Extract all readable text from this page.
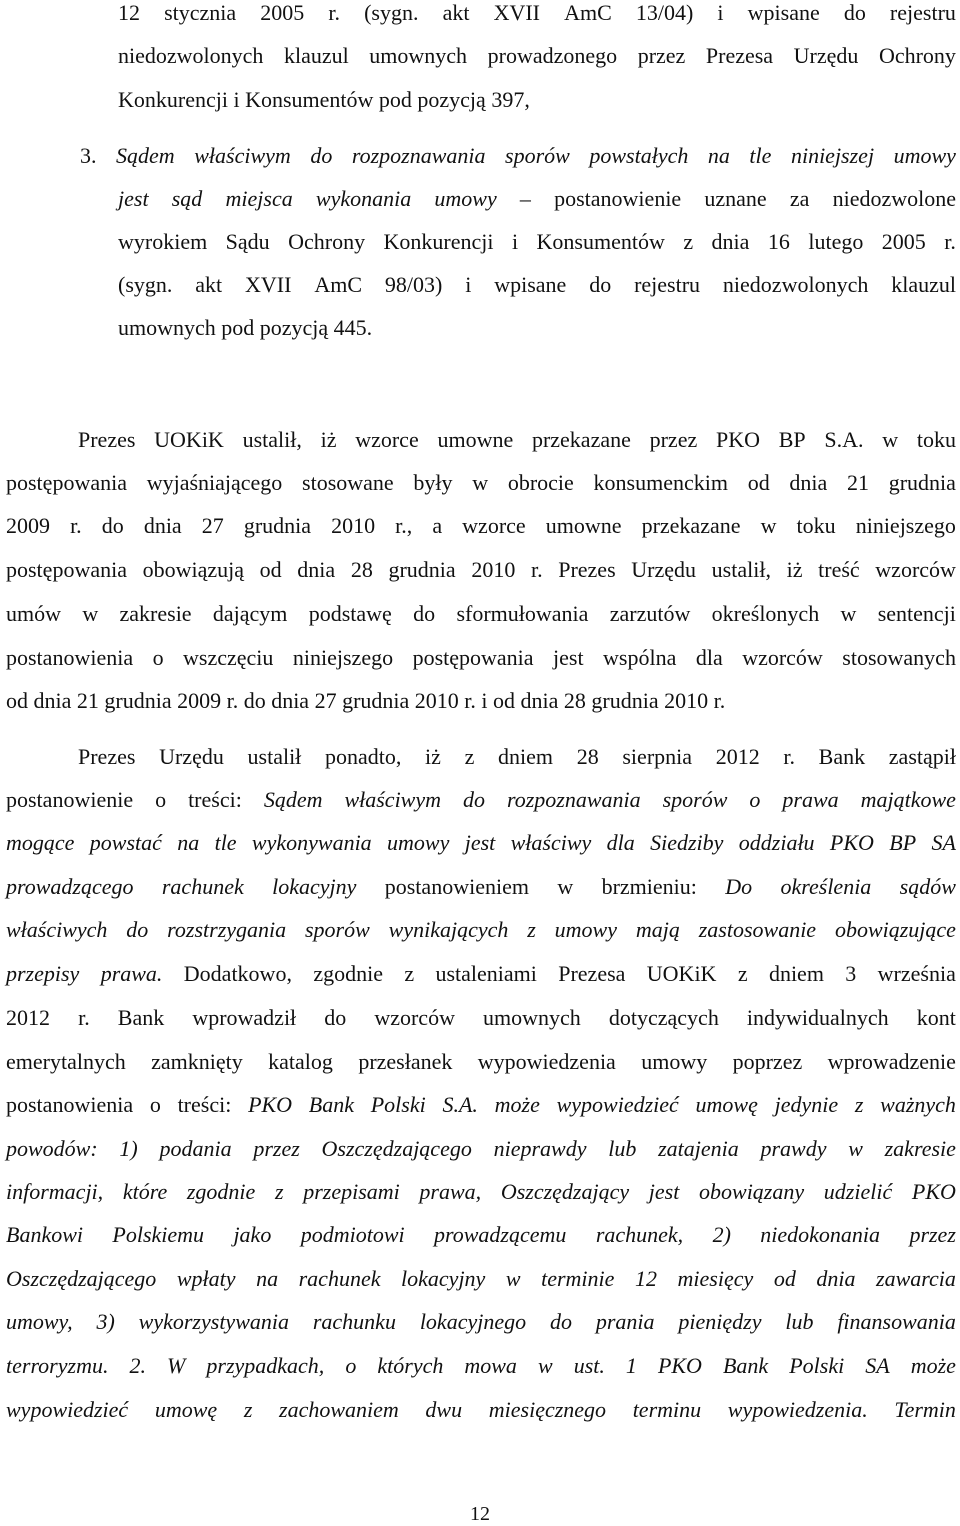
12 stycznia 2005 r. (sygn. akt XVII AmC 13/04) i wpisane do rejestru
niedozwolonych klauzul umownych prowadzonego przez Prezesa Urzędu Ochrony
Konkurencji i Konsumentów pod pozycją 397,
3. Sądem właściwym do rozpoznawania sporów powstałych na tle niniejszej umowy
jest sąd miejsca wykonania umowy – postanowienie uznane za niedozwolone
wyrokiem Sądu Ochrony Konkurencji i Konsumentów z dnia 16 lutego 2005 r.
(sygn. akt XVII AmC 98/03) i wpisane do rejestru niedozwolonych klauzul
umownych pod pozycją 445.
Prezes UOKiK ustalił, iż wzorce umowne przekazane przez PKO BP S.A. w toku
postępowania wyjaśniającego stosowane były w obrocie konsumenckim od dnia 21 grudnia
2009 r. do dnia 27 grudnia 2010 r., a wzorce umowne przekazane w toku niniejszego
postępowania obowiązują od dnia 28 grudnia 2010 r. Prezes Urzędu ustalił, iż treść wzorców
umów w zakresie dającym podstawę do sformułowania zarzutów określonych w sentencji
postanowienia o wszczęciu niniejszego postępowania jest wspólna dla wzorców stosowanych
od dnia 21 grudnia 2009 r. do dnia 27 grudnia 2010 r. i od dnia 28 grudnia 2010 r.
Prezes Urzędu ustalił ponadto, iż z dniem 28 sierpnia 2012 r. Bank zastąpił
postanowienie o treści: Sądem właściwym do rozpoznawania sporów o prawa majątkowe
mogące powstać na tle wykonywania umowy jest właściwy dla Siedziby oddziału PKO BP SA
prowadzącego rachunek lokacyjny postanowieniem w brzmieniu: Do określenia sądów
właściwych do rozstrzygania sporów wynikających z umowy mają zastosowanie obowiązujące
przepisy prawa. Dodatkowo, zgodnie z ustaleniami Prezesa UOKiK z dniem 3 września
2012 r. Bank wprowadził do wzorców umownych dotyczących indywidualnych kont
emerytalnych zamknięty katalog przesłanek wypowiedzenia umowy poprzez wprowadzenie
postanowienia o treści: PKO Bank Polski S.A. może wypowiedzieć umowę jedynie z ważnych
powodów: 1) podania przez Oszczędzającego nieprawdy lub zatajenia prawdy w zakresie
informacji, które zgodnie z przepisami prawa, Oszczędzający jest obowiązany udzielić PKO
Bankowi Polskiemu jako podmiotowi prowadzącemu rachunek, 2) niedokonania przez
Oszczędzającego wpłaty na rachunek lokacyjny w terminie 12 miesięcy od dnia zawarcia
umowy, 3) wykorzystywania rachunku lokacyjnego do prania pieniędzy lub finansowania
terroryzmu. 2. W przypadkach, o których mowa w ust. 1 PKO Bank Polski SA może
wypowiedzieć umowę z zachowaniem dwu miesięcznego terminu wypowiedzenia. Termin
12
